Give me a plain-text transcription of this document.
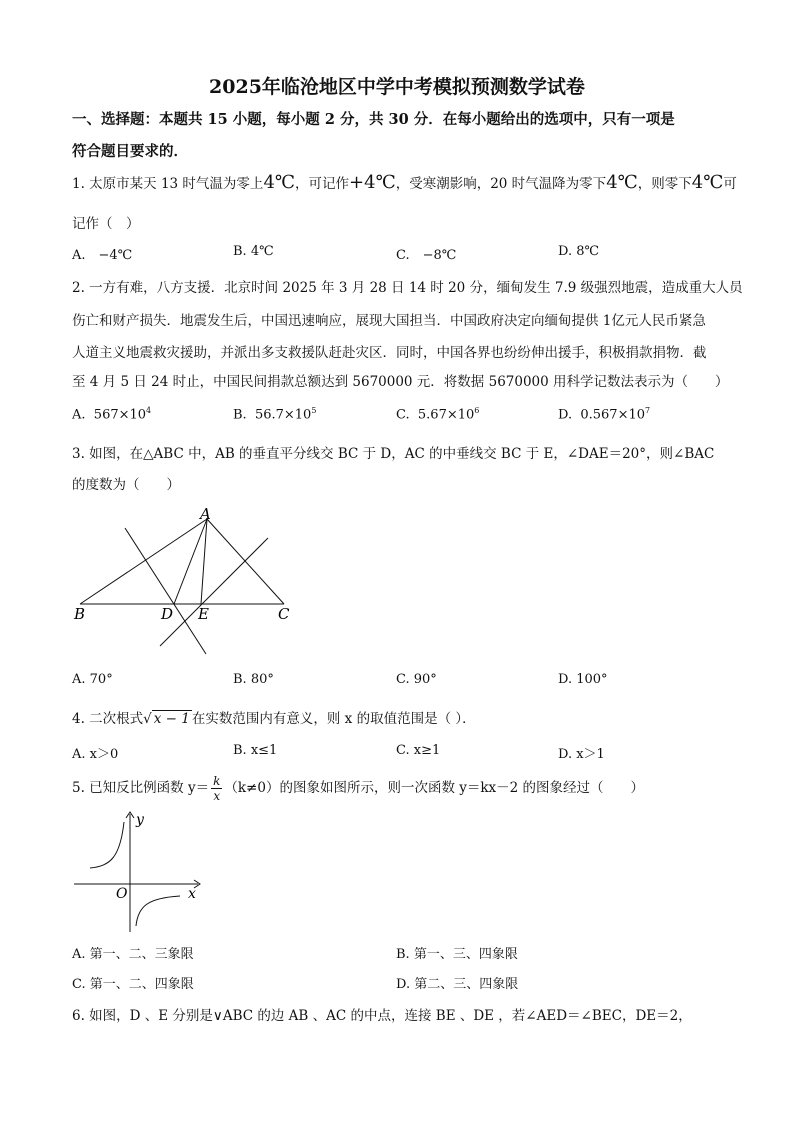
2025年临沧地区中学中考模拟预测数学试卷
一、选择题：本题共 15 小题，每小题 2 分，共 30 分．在每小题给出的选项中，只有一项是
符合题目要求的．
1. 太原市某天 13 时气温为零上4℃，可记作+4℃，受寒潮影响，20 时气温降为零下4℃，则零下4℃可
记作（　）
A.　−4℃	B. 4℃	C.　−8℃	D. 8℃
2. 一方有难，八方支援．北京时间 2025 年 3 月 28 日 14 时 20 分，缅甸发生 7.9 级强烈地震，造成重大人员
伤亡和财产损失．地震发生后，中国迅速响应，展现大国担当．中国政府决定向缅甸提供 1亿元人民币紧急
人道主义地震救灾援助，并派出多支救援队赶赴灾区．同时，中国各界也纷纷伸出援手，积极捐款捐物．截
至 4 月 5 日 24 时止，中国民间捐款总额达到 5670000 元．将数据 5670000 用科学记数法表示为（　　）
A. $567\times 10^4$	B. $56.7\times 10^5$	C. $5.67\times 10^6$	D. $0.567\times 10^7$
3. 如图，在△ABC 中，AB 的垂直平分线交 BC 于 D，AC 的中垂线交 BC 于 E，∠DAE＝20°，则∠BAC
的度数为（　　）
A
B	C
D E
A. 70°	B. 80°	C. 90°	D. 100°
4. 二次根式√ x − 1 在实数范围内有意义，则 x 的取值范围是（ ）．
A. x＞0	B. x≤1	C. x≥1	D. x＞1
5. 已知反比例函数 $y= \frac{k}{x} (k\ne 0)$的图象如图所示，则一次函数 y＝kx－2 的图象经过（　　）
y
x
O
A. 第一、二、三象限	B. 第一、三、四象限
C. 第一、二、四象限	D. 第二、三、四象限
6. 如图，D 、E 分别是∨ABC 的边 AB 、AC 的中点，连接 BE 、DE ，若∠AED＝∠BEC，DE＝2，
